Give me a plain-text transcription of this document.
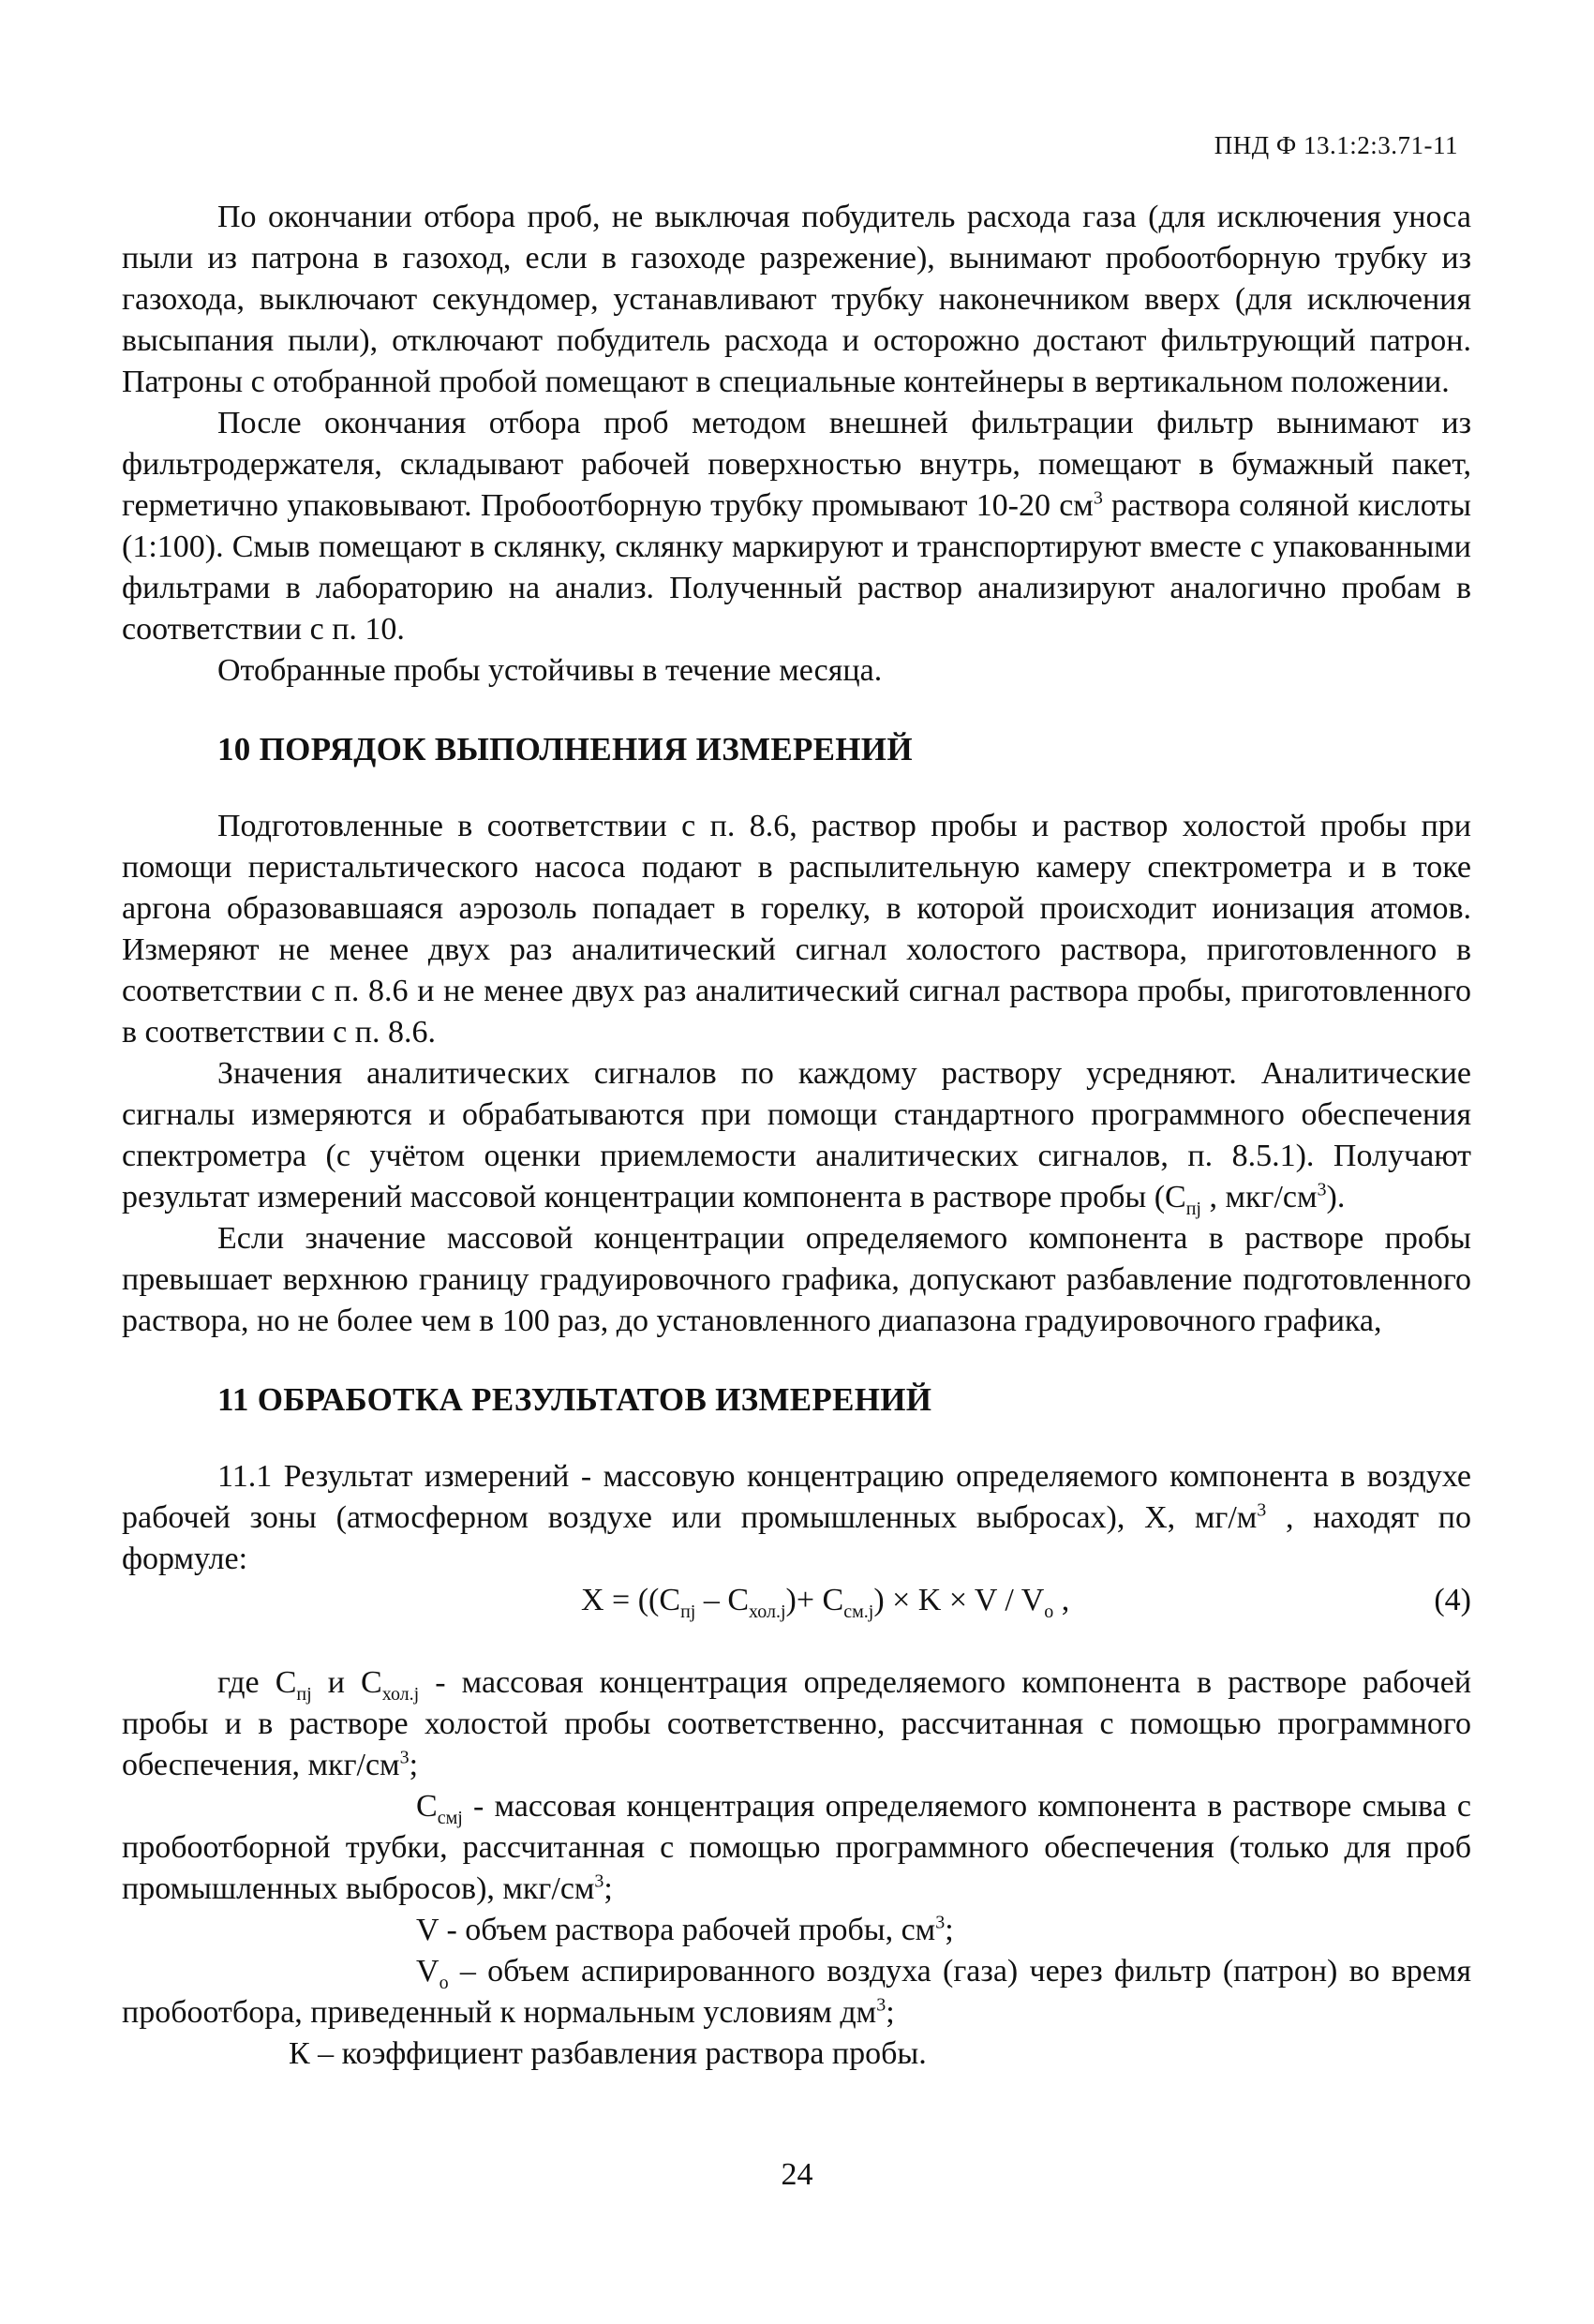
ПНД Ф 13.1:2:3.71-11

По окончании отбора проб, не выключая побудитель расхода газа (для исключения уноса пыли из патрона в газоход, если в газоходе разрежение), вынимают пробоотборную трубку из газохода, выключают секундомер, устанавливают трубку наконечником вверх (для исключения высыпания пыли), отключают побудитель расхода и осторожно достают фильтрующий патрон. Патроны с отобранной пробой помещают в специальные контейнеры в вертикальном положении.

После окончания отбора проб методом внешней фильтрации фильтр вынимают из фильтродержателя, складывают рабочей поверхностью внутрь, помещают в бумажный пакет, герметично упаковывают. Пробоотборную трубку промывают 10-20 $см^3$ раствора соляной кислоты (1:100). Смыв помещают в склянку, склянку маркируют и транспортируют вместе с упакованными фильтрами в лабораторию на анализ. Полученный раствор анализируют аналогично пробам в соответствии с п. 10.

Отобранные пробы устойчивы в течение месяца.

10 ПОРЯДОК ВЫПОЛНЕНИЯ ИЗМЕРЕНИЙ

Подготовленные в соответствии с п. 8.6, раствор пробы и раствор холостой пробы при помощи перистальтического насоса подают в распылительную камеру спектрометра и в токе аргона образовавшаяся аэрозоль попадает в горелку, в которой происходит ионизация атомов. Измеряют не менее двух раз аналитический сигнал холостого раствора, приготовленного в соответствии с п. 8.6 и не менее двух раз аналитический сигнал раствора пробы, приготовленного в соответствии с п. 8.6.

Значения аналитических сигналов по каждому раствору усредняют. Аналитические сигналы измеряются и обрабатываются при помощи стандартного программного обеспечения спектрометра (с учётом оценки приемлемости аналитических сигналов, п. 8.5.1). Получают результат измерений массовой концентрации компонента в растворе пробы ($С_{пj}$ , мкг/$см^3$).

Если значение массовой концентрации определяемого компонента в растворе пробы превышает верхнюю границу градуировочного графика, допускают разбавление подготовленного раствора, но не более чем в 100 раз, до установленного диапазона градуировочного графика,

11 ОБРАБОТКА РЕЗУЛЬТАТОВ ИЗМЕРЕНИЙ

11.1 Результат измерений - массовую концентрацию определяемого компонента в воздухе рабочей зоны (атмосферном воздухе или промышленных выбросах), Х, $мг/м^3$ , находят по формуле:

$X = ((C_{пj} - C_{хол.j})+ C_{см.j}) \times K \times V / V_o$ ,	(4)

где $С_{пj}$ и $С_{хол.j}$ - массовая концентрация определяемого компонента в растворе рабочей пробы и в растворе холостой пробы соответственно, рассчитанная с помощью программного обеспечения, мкг/$см^3$;

$С_{смj}$ - массовая концентрация определяемого компонента в растворе смыва с пробоотборной трубки, рассчитанная с помощью программного обеспечения (только для проб промышленных выбросов), мкг/$см^3$;

V - объем раствора рабочей пробы, $см^3$;

$V_о$ – объем аспирированного воздуха (газа) через фильтр (патрон) во время пробоотбора, приведенный к нормальным условиям $дм^3$;

К – коэффициент разбавления раствора пробы.

24
